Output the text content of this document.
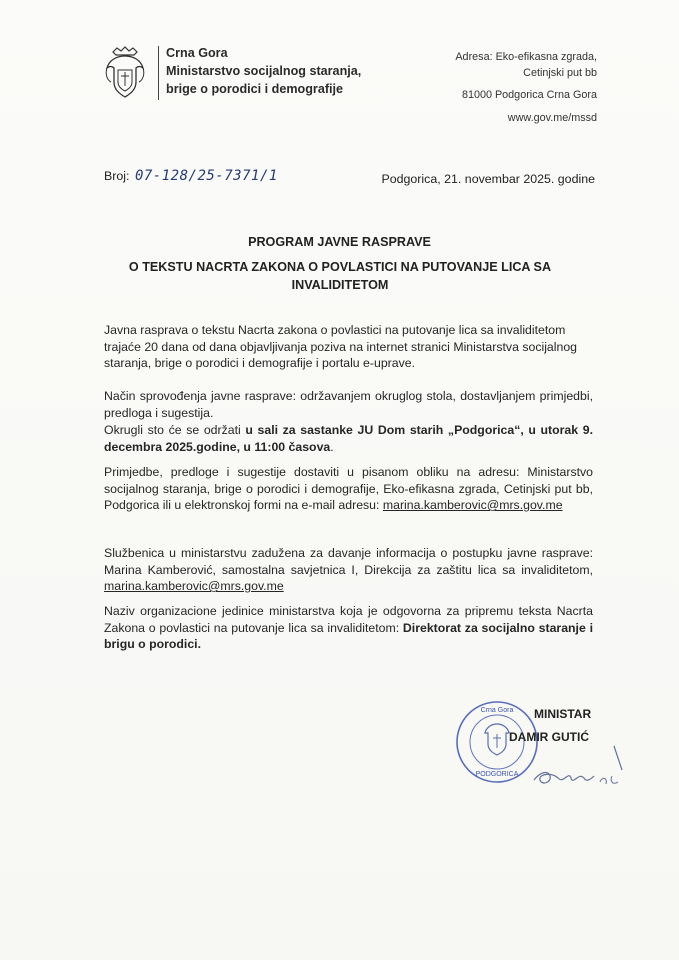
Crna Gora
Ministarstvo socijalnog staranja,
brige o porodici i demografije
Adresa: Eko-efikasna zgrada,
Cetinjski put bb
81000 Podgorica Crna Gora
www.gov.me/mssd
Broj: 07-128/25-7371/1	Podgorica, 21. novembar 2025. godine
PROGRAM JAVNE RASPRAVE
O TEKSTU NACRTA ZAKONA O POVLASTICI NA PUTOVANJE LICA SA INVALIDITETOM
Javna rasprava o tekstu Nacrta zakona o povlastici na putovanje lica sa invaliditetom trajaće 20 dana od dana objavljivanja poziva na internet stranici Ministarstva socijalnog staranja, brige o porodici i demografije i portalu e-uprave.
Način sprovođenja javne rasprave: održavanjem okruglog stola, dostavljanjem primjedbi, predloga i sugestija.
Okrugli sto će se održati u sali za sastanke JU Dom starih „Podgorica“, u utorak 9. decembra 2025.godine, u 11:00 časova.
Primjedbe, predloge i sugestije dostaviti u pisanom obliku na adresu: Ministarstvo socijalnog staranja, brige o porodici i demografije, Eko-efikasna zgrada, Cetinjski put bb, Podgorica ili u elektronskoj formi na e-mail adresu: marina.kamberovic@mrs.gov.me
Službenica u ministarstvu zadužena za davanje informacija o postupku javne rasprave: Marina Kamberović, samostalna savjetnica I, Direkcija za zaštitu lica sa invaliditetom, marina.kamberovic@mrs.gov.me
Naziv organizacione jedinice ministarstva koja je odgovorna za pripremu teksta Nacrta Zakona o povlastici na putovanje lica sa invaliditetom: Direktorat za socijalno staranje i brigu o porodici.
PODGORICA
Crna Gora MINISTAR
DAMIR GUTIĆ
